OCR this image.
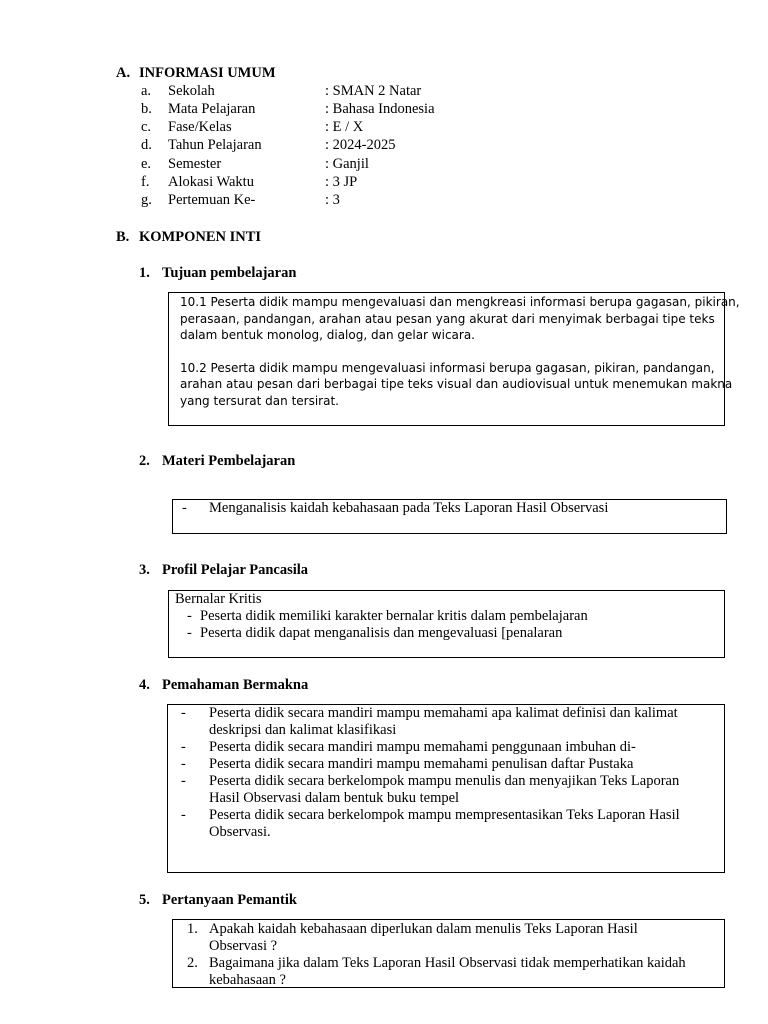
A. INFORMASI UMUM
a. Sekolah	: SMAN 2 Natar
b. Mata Pelajaran	: Bahasa Indonesia
c. Fase/Kelas	: E / X
d. Tahun Pelajaran	: 2024-2025
e. Semester	: Ganjil
f. Alokasi Waktu	: 3 JP
g. Pertemuan Ke-	: 3
B. KOMPONEN INTI
1. Tujuan pembelajaran
10.1 Peserta didik mampu mengevaluasi dan mengkreasi informasi berupa gagasan, pikiran,
perasaan, pandangan, arahan atau pesan yang akurat dari menyimak berbagai tipe teks
dalam bentuk monolog, dialog, dan gelar wicara.
10.2 Peserta didik mampu mengevaluasi informasi berupa gagasan, pikiran, pandangan,
arahan atau pesan dari berbagai tipe teks visual dan audiovisual untuk menemukan makna
yang tersurat dan tersirat.
2. Materi Pembelajaran
- Menganalisis kaidah kebahasaan pada Teks Laporan Hasil Observasi
3. Profil Pelajar Pancasila
Bernalar Kritis
- Peserta didik memiliki karakter bernalar kritis dalam pembelajaran
- Peserta didik dapat menganalisis dan mengevaluasi [penalaran
4. Pemahaman Bermakna
- Peserta didik secara mandiri mampu memahami apa kalimat definisi dan kalimat
deskripsi dan kalimat klasifikasi
- Peserta didik secara mandiri mampu memahami penggunaan imbuhan di-
- Peserta didik secara mandiri mampu memahami penulisan daftar Pustaka
- Peserta didik secara berkelompok mampu menulis dan menyajikan Teks Laporan
Hasil Observasi dalam bentuk buku tempel
- Peserta didik secara berkelompok mampu mempresentasikan Teks Laporan Hasil
Observasi.
5. Pertanyaan Pemantik
1. Apakah kaidah kebahasaan diperlukan dalam menulis Teks Laporan Hasil
Observasi ?
2. Bagaimana jika dalam Teks Laporan Hasil Observasi tidak memperhatikan kaidah
kebahasaan ?
